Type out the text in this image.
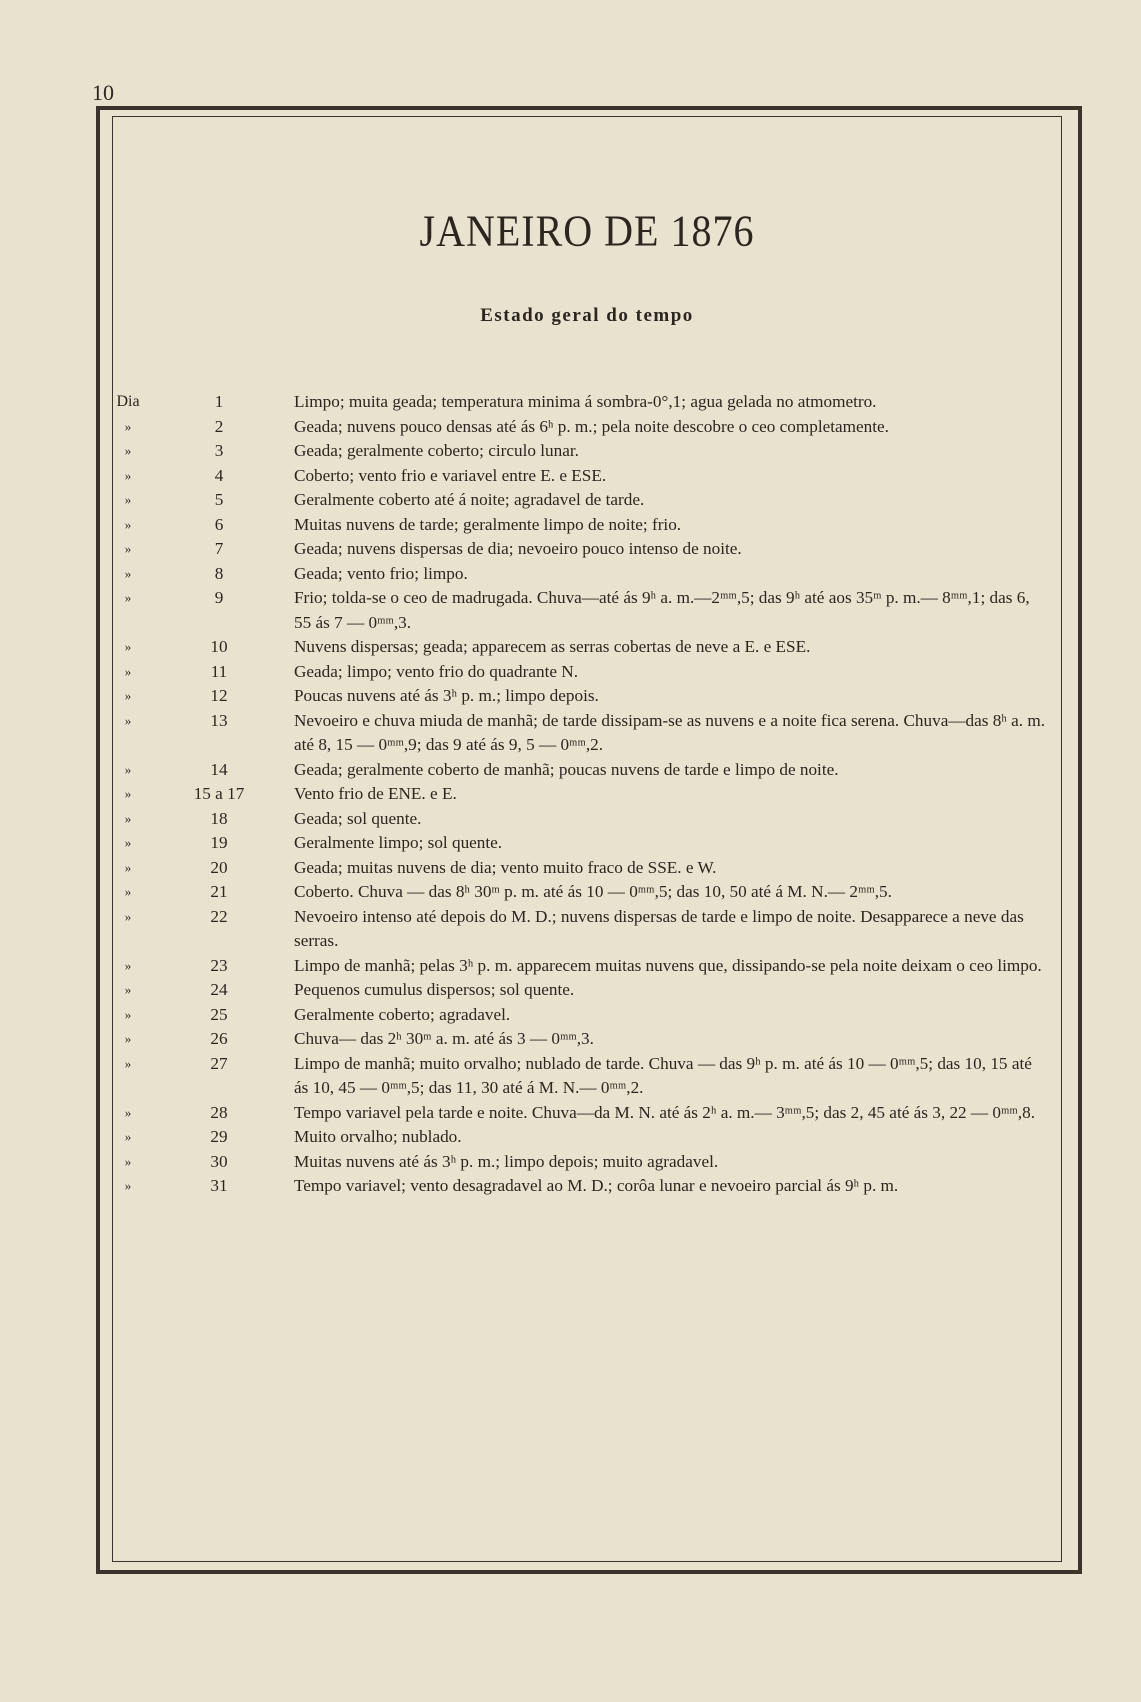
10
JANEIRO DE 1876
Estado geral do tempo
Dia	1	Limpo; muita geada; temperatura minima á sombra-0°,1; agua gelada no atmometro.
»	2	Geada; nuvens pouco densas até ás 6ʰ p. m.; pela noite descobre o ceo completamente.
»	3	Geada; geralmente coberto; circulo lunar.
»	4	Coberto; vento frio e variavel entre E. e ESE.
»	5	Geralmente coberto até á noite; agradavel de tarde.
»	6	Muitas nuvens de tarde; geralmente limpo de noite; frio.
»	7	Geada; nuvens dispersas de dia; nevoeiro pouco intenso de noite.
»	8	Geada; vento frio; limpo.
»	9	Frio; tolda-se o ceo de madrugada. Chuva—até ás 9ʰ a. m.—2ᵐᵐ,5; das 9ʰ até aos 35ᵐ p. m.— 8ᵐᵐ,1; das 6, 55 ás 7 — 0ᵐᵐ,3.
»	10	Nuvens dispersas; geada; apparecem as serras cobertas de neve a E. e ESE.
»	11	Geada; limpo; vento frio do quadrante N.
»	12	Poucas nuvens até ás 3ʰ p. m.; limpo depois.
»	13	Nevoeiro e chuva miuda de manhã; de tarde dissipam-se as nuvens e a noite fica serena. Chuva—das 8ʰ a. m. até 8, 15 — 0ᵐᵐ,9; das 9 até ás 9, 5 — 0ᵐᵐ,2.
»	14	Geada; geralmente coberto de manhã; poucas nuvens de tarde e limpo de noite.
»	15 a 17	Vento frio de ENE. e E.
»	18	Geada; sol quente.
»	19	Geralmente limpo; sol quente.
»	20	Geada; muitas nuvens de dia; vento muito fraco de SSE. e W.
»	21	Coberto. Chuva — das 8ʰ 30ᵐ p. m. até ás 10 — 0ᵐᵐ,5; das 10, 50 até á M. N.— 2ᵐᵐ,5.
»	22	Nevoeiro intenso até depois do M. D.; nuvens dispersas de tarde e limpo de noite. Desapparece a neve das serras.
»	23	Limpo de manhã; pelas 3ʰ p. m. apparecem muitas nuvens que, dissipando-se pela noite deixam o ceo limpo.
»	24	Pequenos cumulus dispersos; sol quente.
»	25	Geralmente coberto; agradavel.
»	26	Chuva— das 2ʰ 30ᵐ a. m. até ás 3 — 0ᵐᵐ,3.
»	27	Limpo de manhã; muito orvalho; nublado de tarde. Chuva — das 9ʰ p. m. até ás 10 — 0ᵐᵐ,5; das 10, 15 até ás 10, 45 — 0ᵐᵐ,5; das 11, 30 até á M. N.— 0ᵐᵐ,2.
»	28	Tempo variavel pela tarde e noite. Chuva—da M. N. até ás 2ʰ a. m.— 3ᵐᵐ,5; das 2, 45 até ás 3, 22 — 0ᵐᵐ,8.
»	29	Muito orvalho; nublado.
»	30	Muitas nuvens até ás 3ʰ p. m.; limpo depois; muito agradavel.
»	31	Tempo variavel; vento desagradavel ao M. D.; corôa lunar e nevoeiro parcial ás 9ʰ p. m.
